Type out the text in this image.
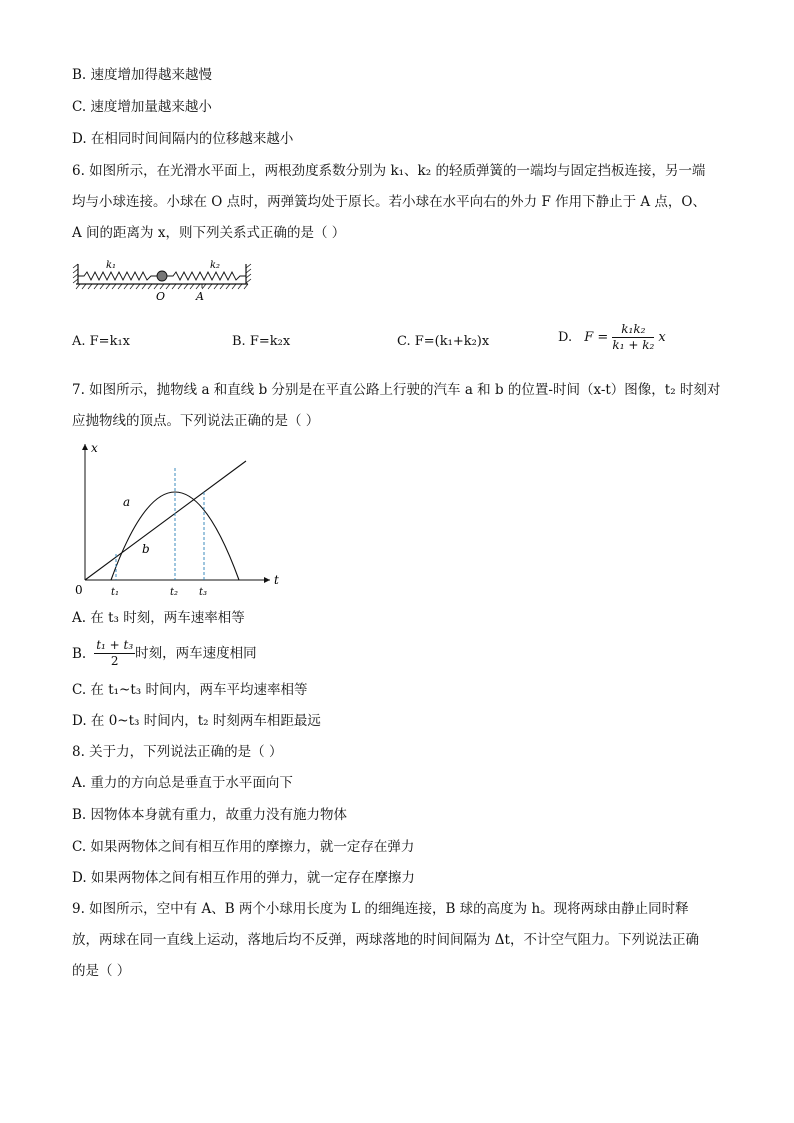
B. 速度增加得越来越慢
C. 速度增加量越来越小
D. 在相同时间间隔内的位移越来越小
6. 如图所示，在光滑水平面上，两根劲度系数分别为 k₁、k₂ 的轻质弹簧的一端均与固定挡板连接，另一端
均与小球连接。小球在 O 点时，两弹簧均处于原长。若小球在水平向右的外力 F 作用下静止于 A 点，O、
A 间的距离为 x，则下列关系式正确的是（ ）
k₁	k₂
O	A
A. F=k₁x	B. F=k₂x	C. F=(k₁+k₂)x	D. $F = \frac{\text{k₁k₂}}{\text{k₁ + k₂}}$ x
7. 如图所示，抛物线 a 和直线 b 分别是在平直公路上行驶的汽车 a 和 b 的位置-时间（x-t）图像，t₂ 时刻对
应抛物线的顶点。下列说法正确的是（ ）
x
t
0
a
b
t₁	t₂ t₃
A. 在 t₃ 时刻，两车速率相等
B. $\frac{\text{t₁ + t₃}}{2}$ 时刻，两车速度相同
C. 在 t₁~t₃ 时间内，两车平均速率相等
D. 在 0~t₃ 时间内，t₂ 时刻两车相距最远
8. 关于力，下列说法正确的是（ ）
A. 重力的方向总是垂直于水平面向下
B. 因物体本身就有重力，故重力没有施力物体
C. 如果两物体之间有相互作用的摩擦力，就一定存在弹力
D. 如果两物体之间有相互作用的弹力，就一定存在摩擦力
9. 如图所示，空中有 A、B 两个小球用长度为 L 的细绳连接，B 球的高度为 h。现将两球由静止同时释
放，两球在同一直线上运动，落地后均不反弹，两球落地的时间间隔为 Δt，不计空气阻力。下列说法正确
的是（ ）
